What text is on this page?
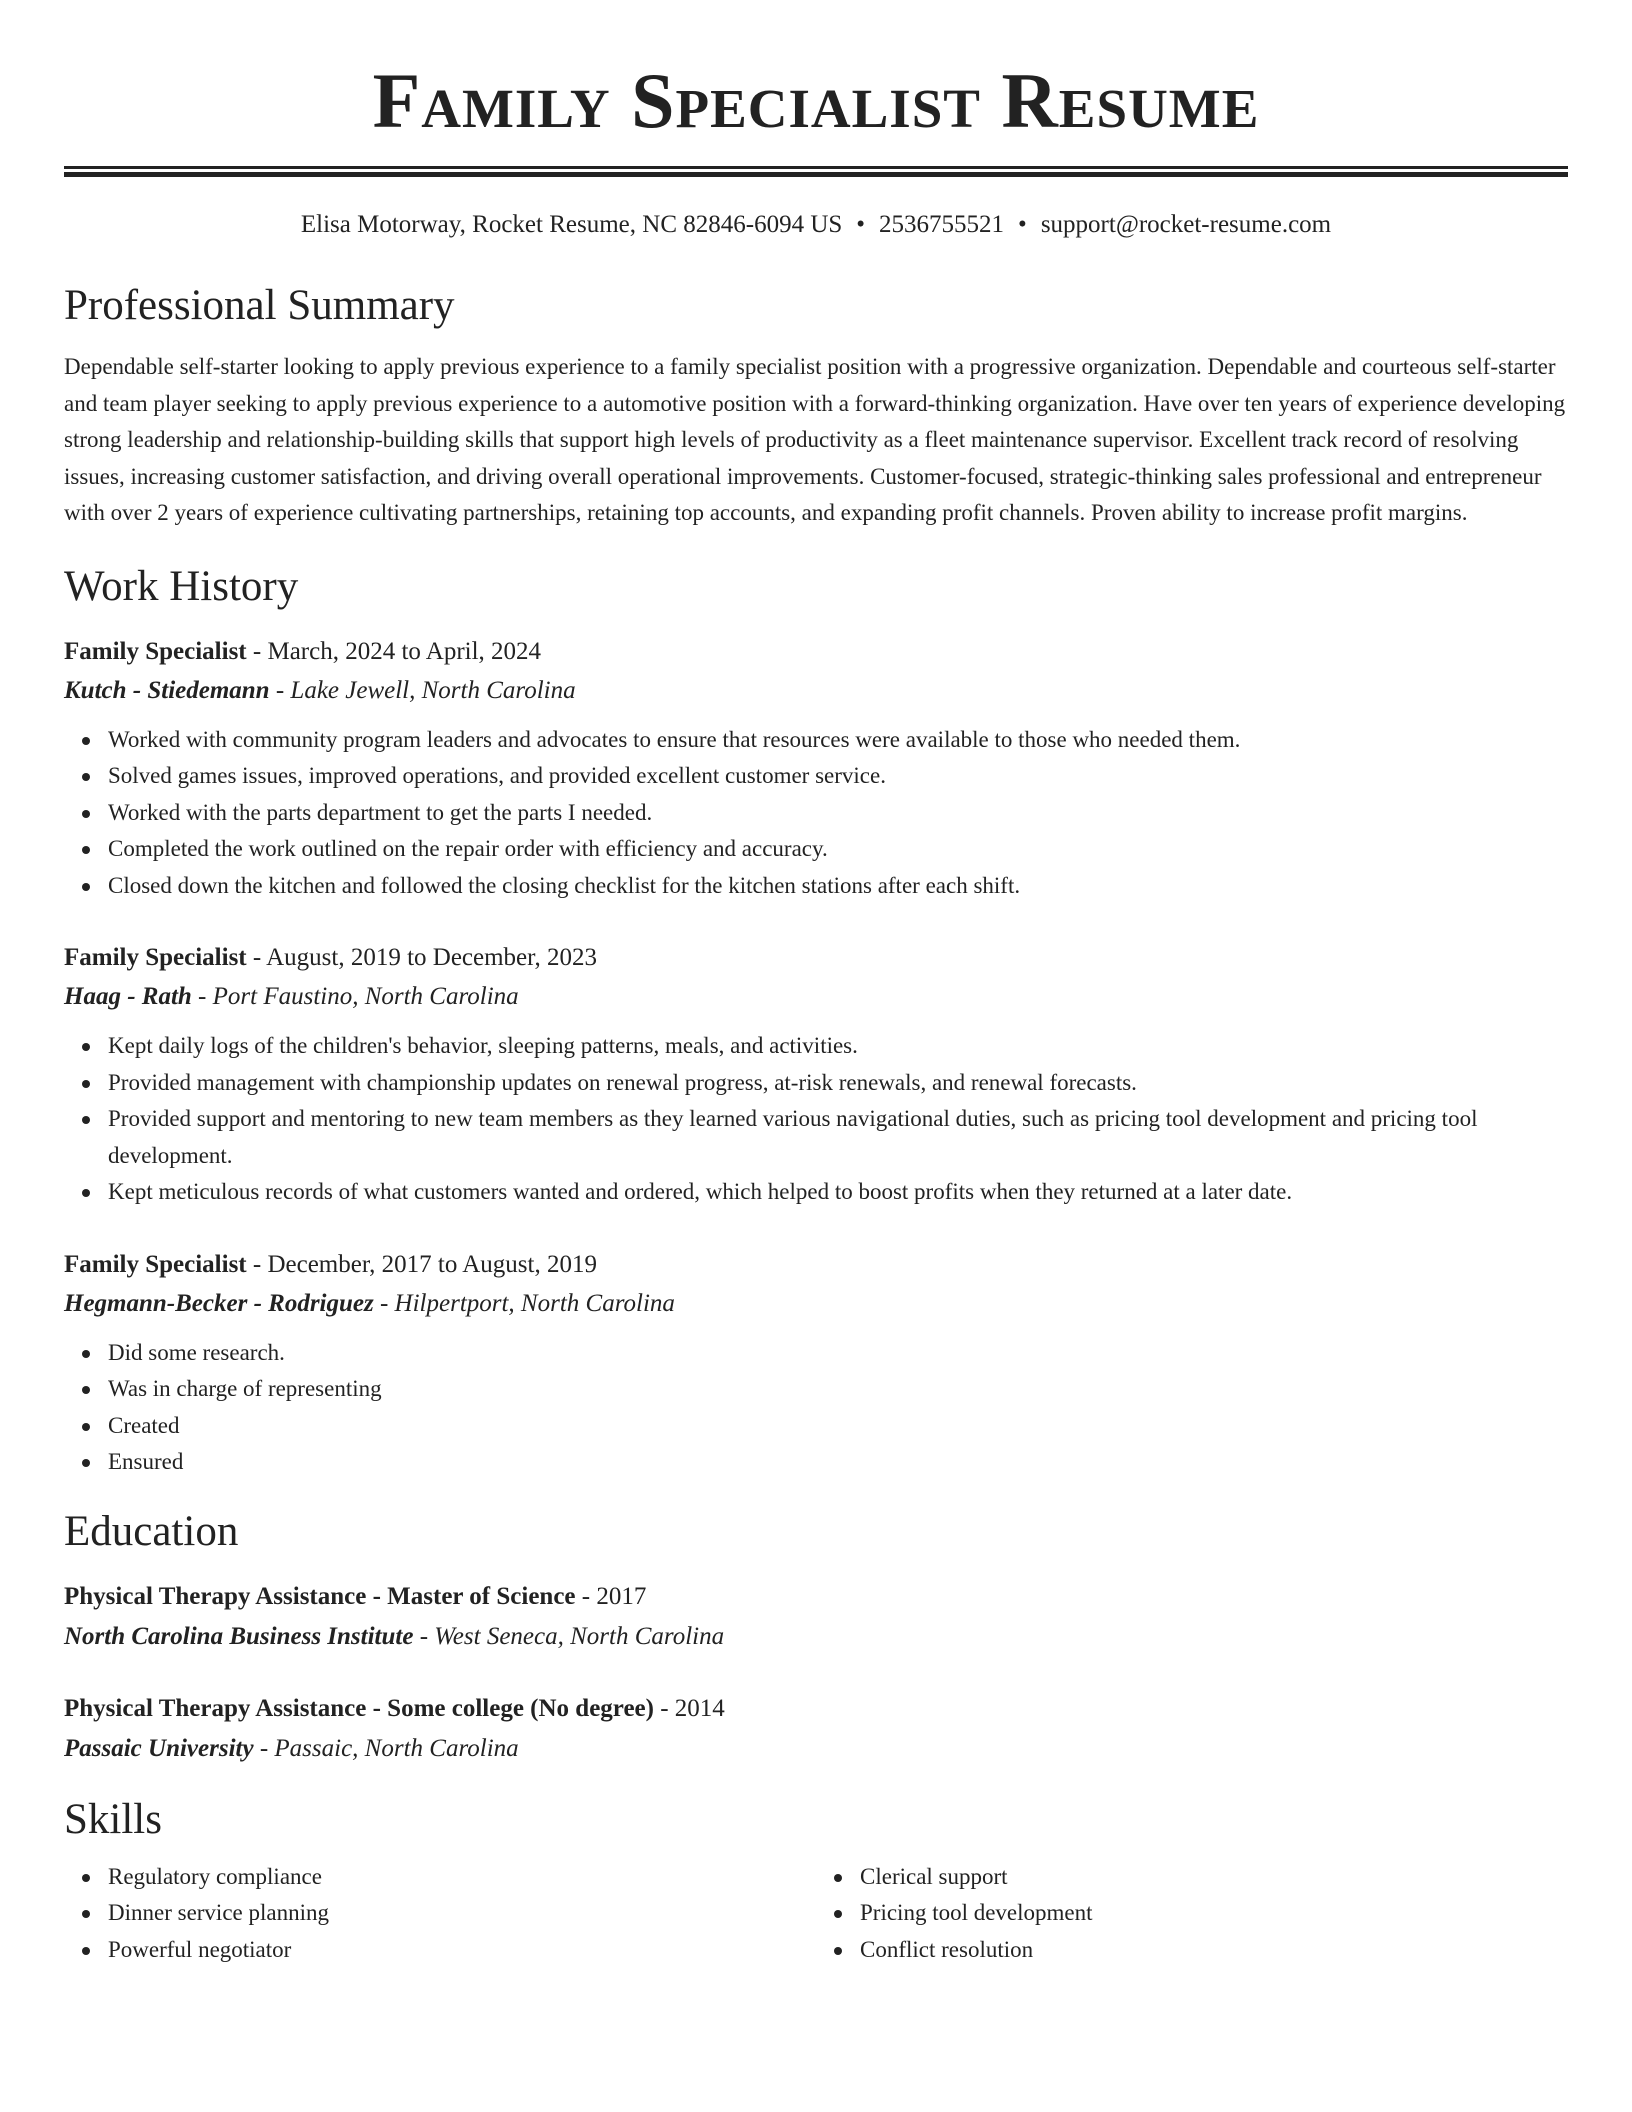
Family Specialist Resume
Elisa Motorway, Rocket Resume, NC 82846-6094 US • 2536755521 • support@rocket-resume.com
Professional Summary

Dependable self-starter looking to apply previous experience to a family specialist position with a progressive organization. Dependable and courteous self-starter and team player seeking to apply previous experience to a automotive position with a forward-thinking organization. Have over ten years of experience developing strong leadership and relationship-building skills that support high levels of productivity as a fleet maintenance supervisor. Excellent track record of resolving issues, increasing customer satisfaction, and driving overall operational improvements. Customer-focused, strategic-thinking sales professional and entrepreneur with over 2 years of experience cultivating partnerships, retaining top accounts, and expanding profit channels. Proven ability to increase profit margins.

Work History
Family Specialist - March, 2024 to April, 2024
Kutch - Stiedemann - Lake Jewell, North Carolina
Worked with community program leaders and advocates to ensure that resources were available to those who needed them.
Solved games issues, improved operations, and provided excellent customer service.
Worked with the parts department to get the parts I needed.
Completed the work outlined on the repair order with efficiency and accuracy.
Closed down the kitchen and followed the closing checklist for the kitchen stations after each shift.
Family Specialist - August, 2019 to December, 2023
Haag - Rath - Port Faustino, North Carolina
Kept daily logs of the children's behavior, sleeping patterns, meals, and activities.
Provided management with championship updates on renewal progress, at-risk renewals, and renewal forecasts.
Provided support and mentoring to new team members as they learned various navigational duties, such as pricing tool development and pricing tool development.
Kept meticulous records of what customers wanted and ordered, which helped to boost profits when they returned at a later date.
Family Specialist - December, 2017 to August, 2019
Hegmann-Becker - Rodriguez - Hilpertport, North Carolina
Did some research.
Was in charge of representing
Created
Ensured
Education
Physical Therapy Assistance - Master of Science - 2017
North Carolina Business Institute - West Seneca, North Carolina
Physical Therapy Assistance - Some college (No degree) - 2014
Passaic University - Passaic, North Carolina
Skills
Regulatory compliance
Dinner service planning
Powerful negotiator
Clerical support
Pricing tool development
Conflict resolution
